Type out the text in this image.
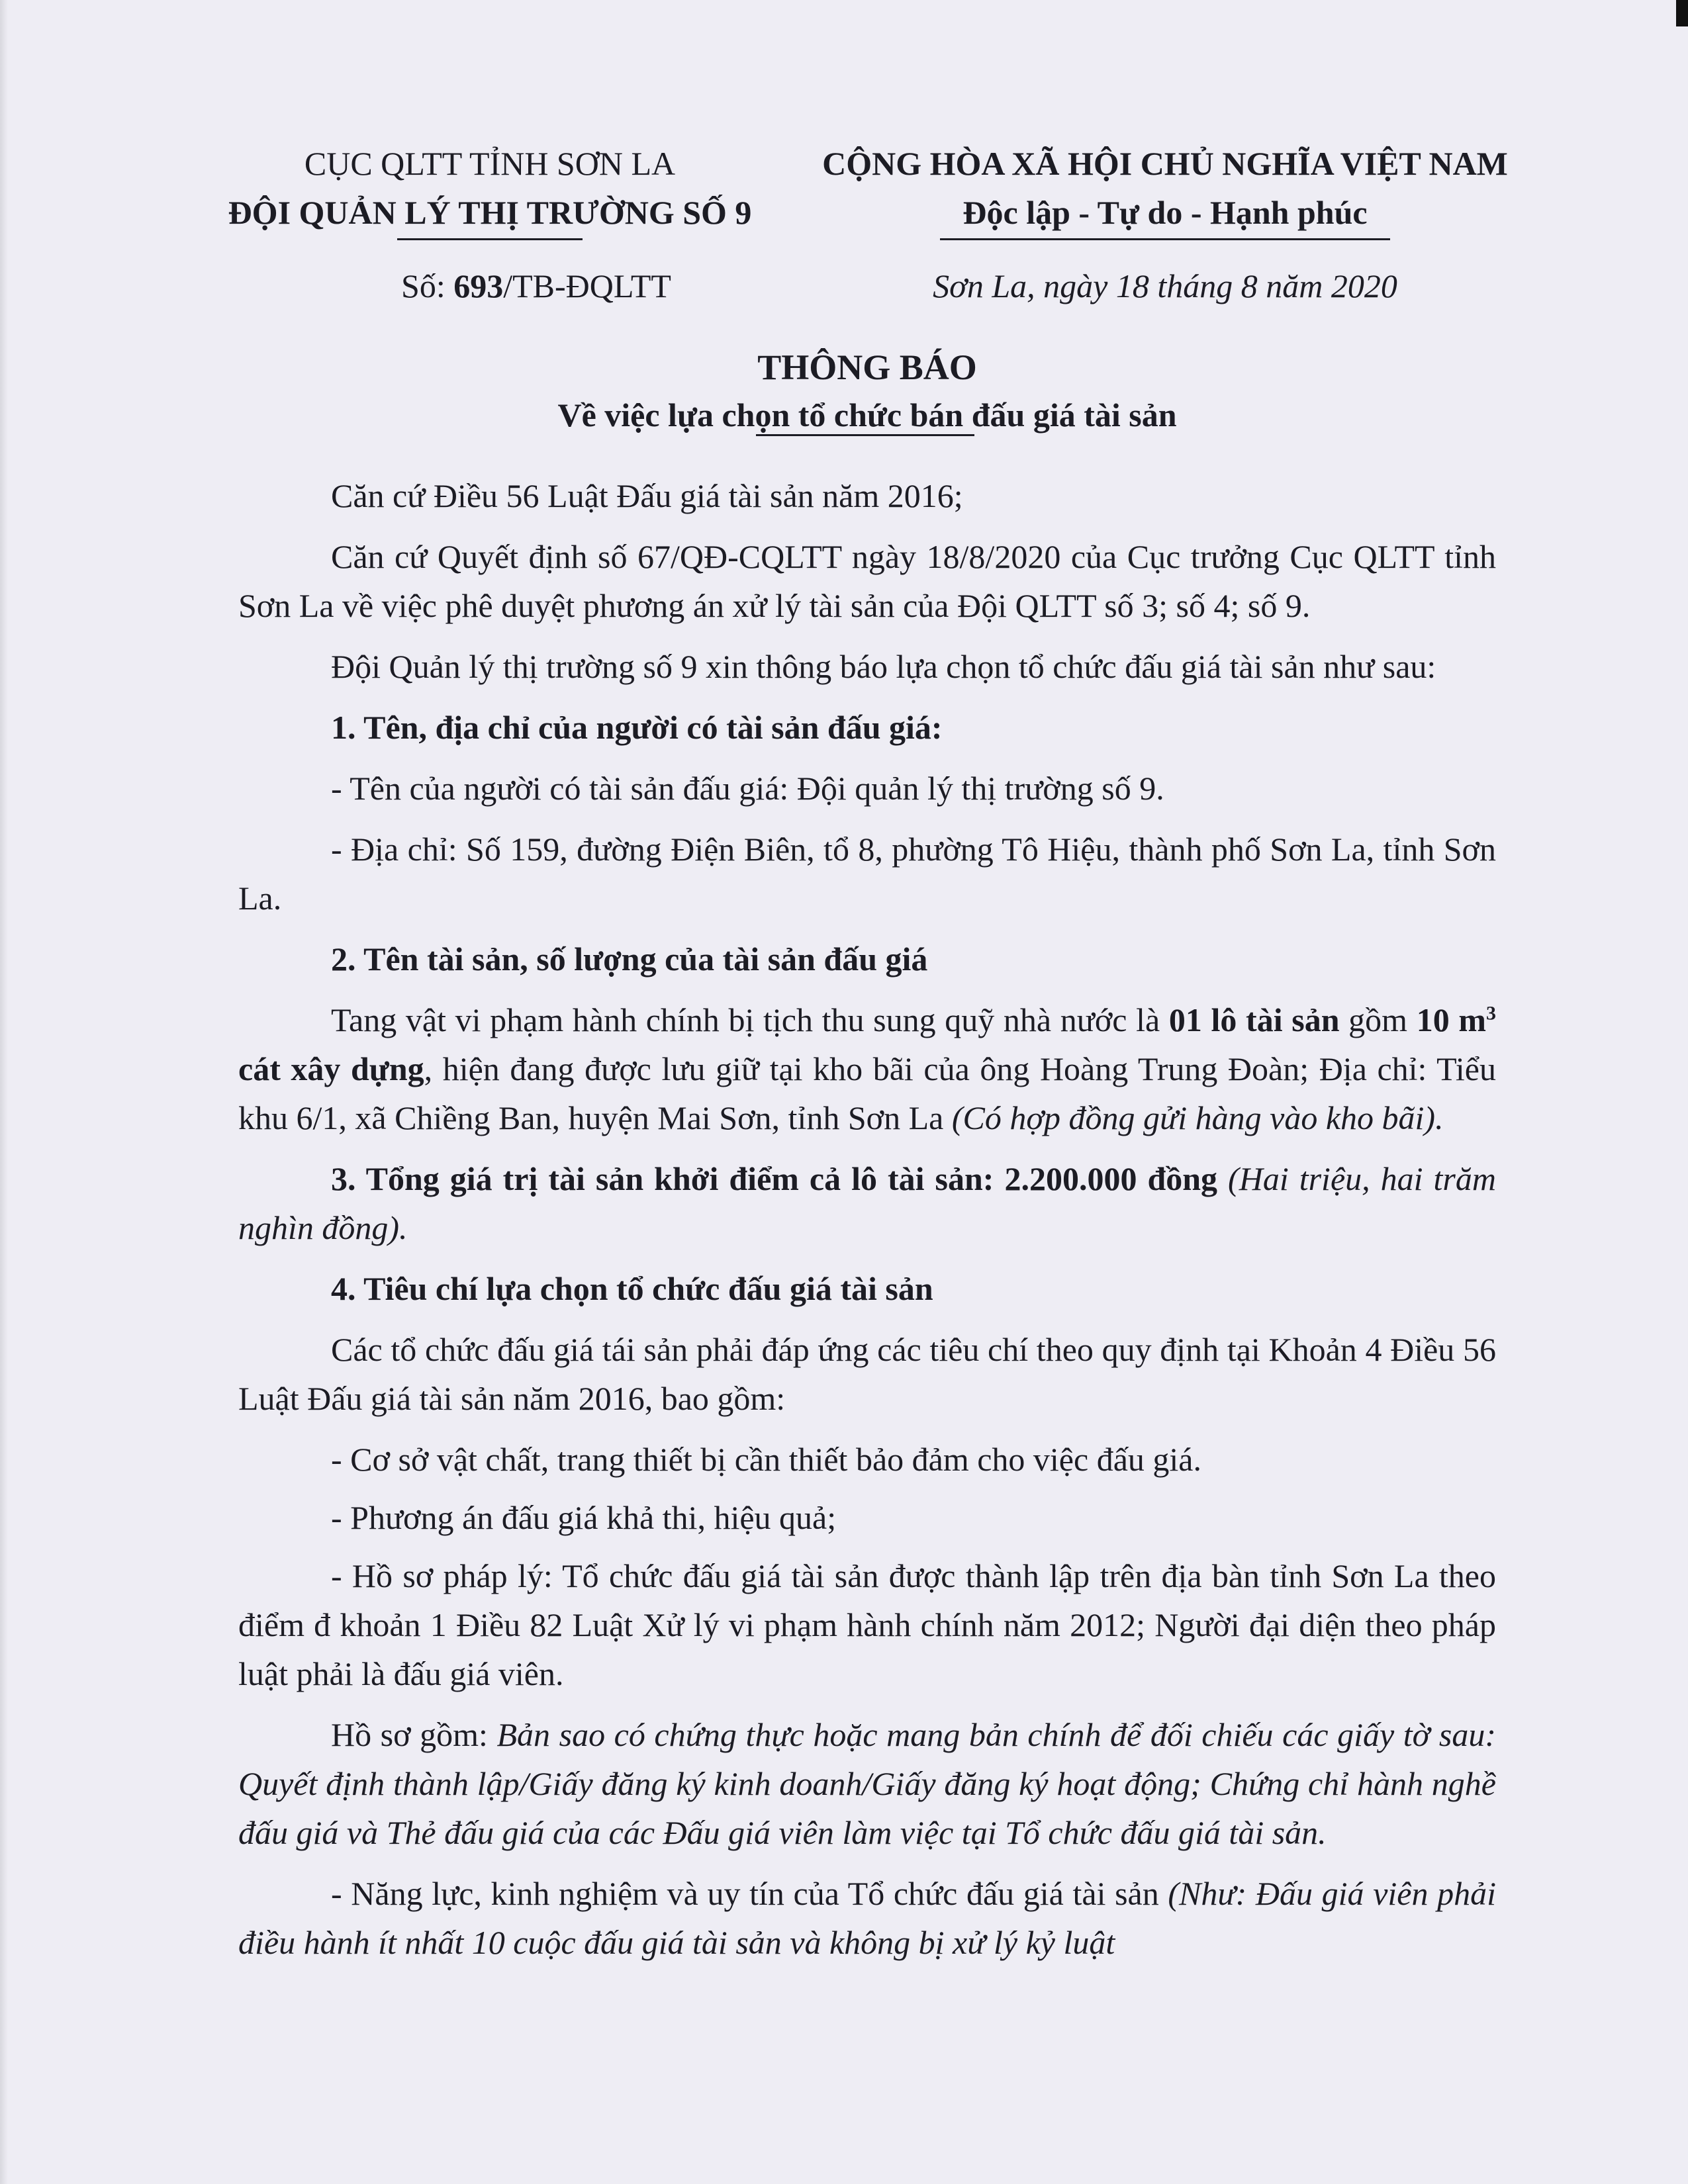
CỤC QLTT TỈNH SƠN LA
ĐỘI QUẢN LÝ THỊ TRƯỜNG SỐ 9
CỘNG HÒA XÃ HỘI CHỦ NGHĨA VIỆT NAM
Độc lập - Tự do - Hạnh phúc
Số: 693/TB-ĐQLTT	Sơn La, ngày 18 tháng 8 năm 2020
THÔNG BÁO
Về việc lựa chọn tổ chức bán đấu giá tài sản

Căn cứ Điều 56 Luật Đấu giá tài sản năm 2016;

Căn cứ Quyết định số 67/QĐ-CQLTT ngày 18/8/2020 của Cục trưởng Cục QLTT tỉnh Sơn La về việc phê duyệt phương án xử lý tài sản của Đội QLTT số 3; số 4; số 9.

Đội Quản lý thị trường số 9 xin thông báo lựa chọn tổ chức đấu giá tài sản như sau:

1. Tên, địa chỉ của người có tài sản đấu giá:

- Tên của người có tài sản đấu giá: Đội quản lý thị trường số 9.

- Địa chỉ: Số 159, đường Điện Biên, tổ 8, phường Tô Hiệu, thành phố Sơn La, tỉnh Sơn La.

2. Tên tài sản, số lượng của tài sản đấu giá

Tang vật vi phạm hành chính bị tịch thu sung quỹ nhà nước là 01 lô tài sản gồm 10 $m^3$ cát xây dựng, hiện đang được lưu giữ tại kho bãi của ông Hoàng Trung Đoàn; Địa chỉ: Tiểu khu 6/1, xã Chiềng Ban, huyện Mai Sơn, tỉnh Sơn La (Có hợp đồng gửi hàng vào kho bãi).

3. Tổng giá trị tài sản khởi điểm cả lô tài sản: 2.200.000 đồng (Hai triệu, hai trăm nghìn đồng).

4. Tiêu chí lựa chọn tổ chức đấu giá tài sản

Các tổ chức đấu giá tái sản phải đáp ứng các tiêu chí theo quy định tại Khoản 4 Điều 56 Luật Đấu giá tài sản năm 2016, bao gồm:

- Cơ sở vật chất, trang thiết bị cần thiết bảo đảm cho việc đấu giá.

- Phương án đấu giá khả thi, hiệu quả;

- Hồ sơ pháp lý: Tổ chức đấu giá tài sản được thành lập trên địa bàn tỉnh Sơn La theo điểm đ khoản 1 Điều 82 Luật Xử lý vi phạm hành chính năm 2012; Người đại diện theo pháp luật phải là đấu giá viên.

Hồ sơ gồm: Bản sao có chứng thực hoặc mang bản chính để đối chiếu các giấy tờ sau: Quyết định thành lập/Giấy đăng ký kinh doanh/Giấy đăng ký hoạt động; Chứng chỉ hành nghề đấu giá và Thẻ đấu giá của các Đấu giá viên làm việc tại Tổ chức đấu giá tài sản.

- Năng lực, kinh nghiệm và uy tín của Tổ chức đấu giá tài sản (Như: Đấu giá viên phải điều hành ít nhất 10 cuộc đấu giá tài sản và không bị xử lý kỷ luật
